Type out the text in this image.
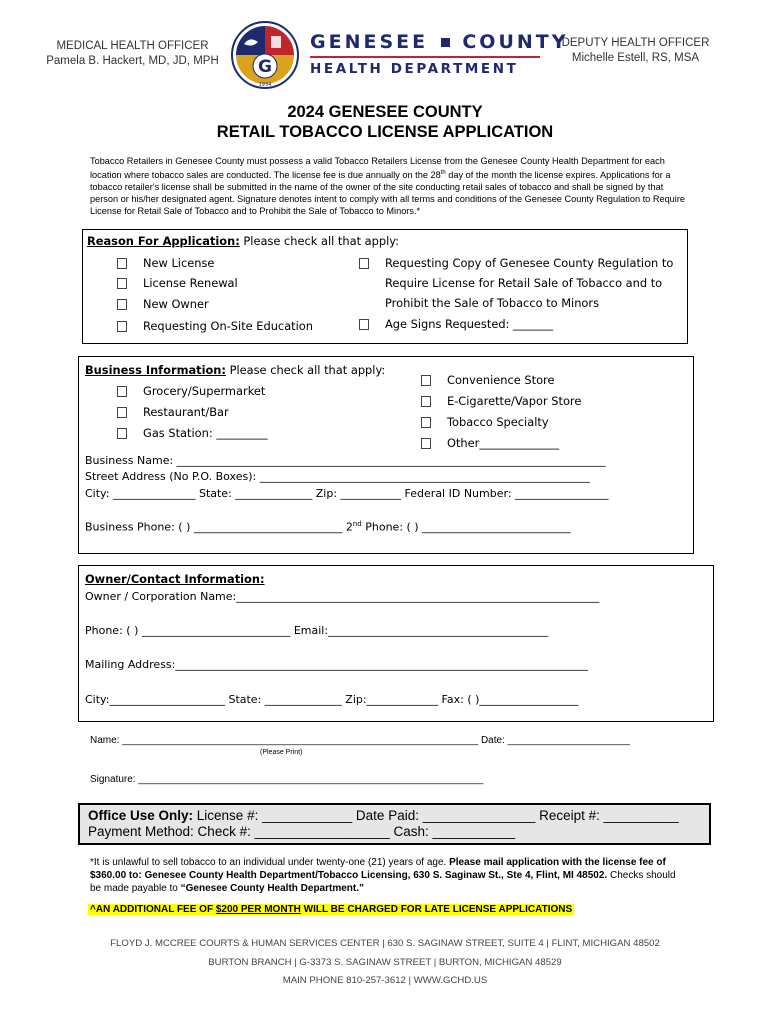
MEDICAL HEALTH OFFICER
Pamela B. Hackert, MD, JD, MPH
DEPUTY HEALTH OFFICER
Michelle Estell, RS, MSA
G
1934
GENESEE COUNTY
HEALTH DEPARTMENT
2024 GENESEE COUNTY
RETAIL TOBACCO LICENSE APPLICATION
Tobacco Retailers in Genesee County must possess a valid Tobacco Retailers License from the Genesee County Health Department for each location where tobacco sales are conducted. The license fee is due annually on the 28th day of the month the license expires. Applications for a tobacco retailer's license shall be submitted in the name of the owner of the site conducting retail sales of tobacco and shall be signed by that person or his/her designated agent. Signature denotes intent to comply with all terms and conditions of the Genesee County Regulation to Require License for Retail Sale of Tobacco and to Prohibit the Sale of Tobacco to Minors.*
Reason For Application: Please check all that apply:
New License
License Renewal
New Owner
Requesting On-Site Education
Requesting Copy of Genesee County Regulation to
Require License for Retail Sale of Tobacco and to
Prohibit the Sale of Tobacco to Minors
Age Signs Requested: _______
Business Information: Please check all that apply:
Grocery/Supermarket
Restaurant/Bar
Gas Station: _________
Convenience Store
E-Cigarette/Vapor Store
Tobacco Specialty
Other______________
Business Name: ______________________________________________________________________________
Street Address (No P.O. Boxes): ____________________________________________________________
City: _______________ State: ______________ Zip: ___________ Federal ID Number: _________________
Business Phone: ( ) ___________________________ 2nd Phone: ( ) ___________________________
Owner/Contact Information:
Owner / Corporation Name:__________________________________________________________________
Phone: ( ) ___________________________ Email:________________________________________
Mailing Address:___________________________________________________________________________
City:_____________________ State: ______________ Zip:_____________ Fax: ( )__________________
Name: ________________________________________________________________ Date: ______________________
(Please Print)
Signature: ______________________________________________________________
Office Use Only: License #: ____________ Date Paid: _______________ Receipt #: __________
Payment Method: Check #: __________________ Cash: ___________
*It is unlawful to sell tobacco to an individual under twenty-one (21) years of age. Please mail application with the license fee of $360.00 to: Genesee County Health Department/Tobacco Licensing, 630 S. Saginaw St., Ste 4, Flint, MI 48502. Checks should be made payable to “Genesee County Health Department.”
^AN ADDITIONAL FEE OF $200 PER MONTH WILL BE CHARGED FOR LATE LICENSE APPLICATIONS
FLOYD J. MCCREE COURTS & HUMAN SERVICES CENTER | 630 S. SAGINAW STREET, SUITE 4 | FLINT, MICHIGAN 48502
BURTON BRANCH | G-3373 S. SAGINAW STREET | BURTON, MICHIGAN 48529
MAIN PHONE 810-257-3612 | WWW.GCHD.US
